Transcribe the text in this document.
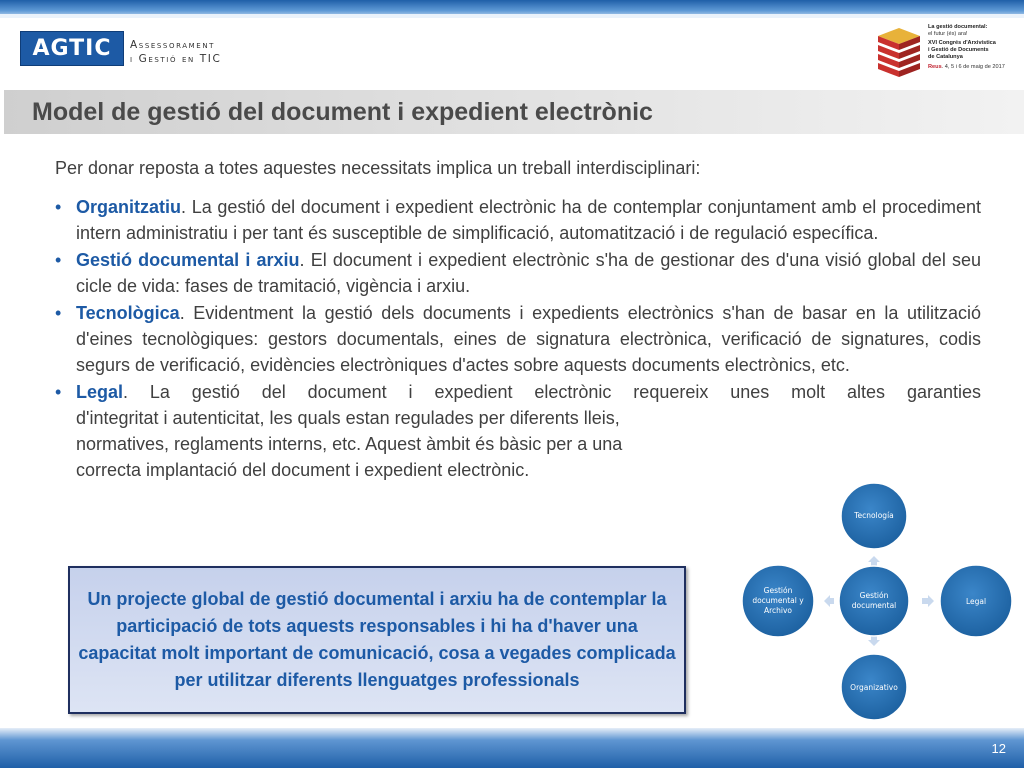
AGTIC	Assessorament
i Gestió en TIC
La gestió documental:
el futur (és) ara!
XVI Congrés d'Arxivística
i Gestió de Documents
de Catalunya
Reus. 4, 5 i 6 de maig de 2017
Model de gestió del document i expedient electrònic
Per donar reposta a totes aquestes necessitats implica un treball interdisciplinari:
• Organitzatiu. La gestió del document i expedient electrònic ha de contemplar conjuntament amb el procediment intern administratiu i per tant és susceptible de simplificació, automatització i de regulació específica.
• Gestió documental i arxiu. El document i expedient electrònic s'ha de gestionar des d'una visió global del seu cicle de vida: fases de tramitació, vigència i arxiu.
• Tecnològica. Evidentment la gestió dels documents i expedients electrònics s'han de basar en la utilització d'eines tecnològiques: gestors documentals, eines de signatura electrònica, verificació de signatures, codis segurs de verificació, evidències electròniques d'actes sobre aquests documents electrònics, etc.
• Legal. La gestió del document i expedient electrònic requereix unes molt altes garanties
d'integritat i autenticitat, les quals estan regulades per diferents lleis,
normatives, reglaments interns, etc. Aquest àmbit és bàsic per a una
correcta implantació del document i expedient electrònic.

Un projecte global de gestió documental i arxiu ha de contemplar la participació de tots aquests responsables i hi ha d'haver una capacitat molt important de comunicació, cosa a vegades complicada per utilitzar diferents llenguatges professionals

Tecnología
Gestión
documental
Gestión
documental y
Archivo
Legal
Organizativo
12
